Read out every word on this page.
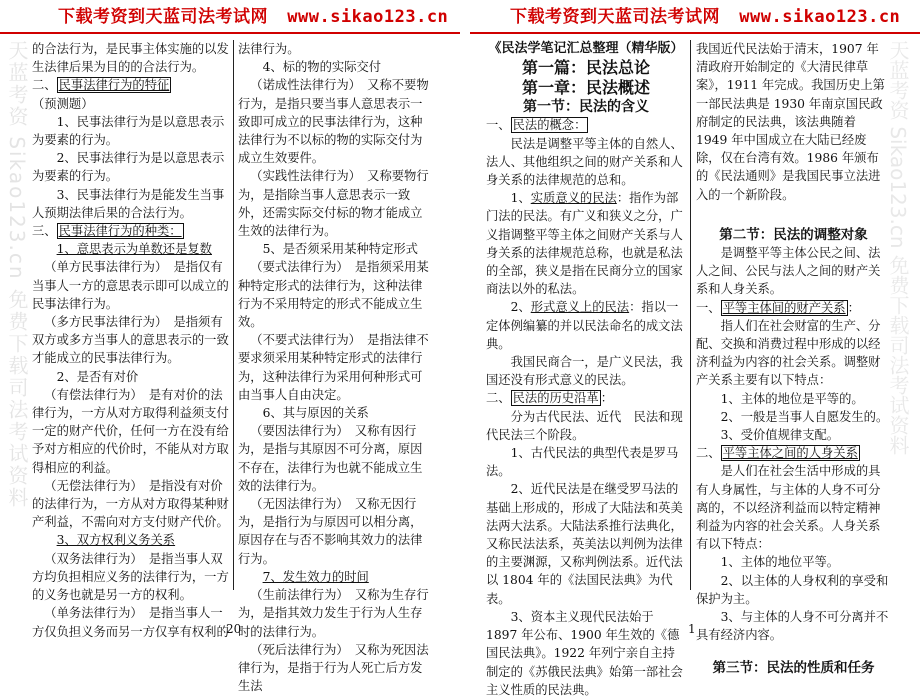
天蓝考资 Sikao123.cn 免费下载司法考试资料	天蓝考资 Sikao123.cn 免费下载司法考试资料
下载考资到天蓝司法考试网 www.sikao123.cn	下载考资到天蓝司法考试网 www.sikao123.cn

的合法行为，是民事主体实施的以发生法律后果为目的的合法行为。

二、 民事法律行为的特征（预测题）

1、民事法律行为是以意思表示为要素的行为。

2、民事法律行为是以意思表示为要素的行为。

3、民事法律行为是能发生当事人预期法律后果的合法行为。

三、 民事法律行为的种类：

1、意思表示为单数还是复数

（单方民事法律行为）　 是指仅有当事人一方的意思表示即可以成立的民事法律行为。

（多方民事法律行为）　 是指须有双方或多方当事人的意思表示的一致才能成立的民事法律行为。

2、是否有对价

（有偿法律行为）　 是有对价的法律行为，一方从对方取得利益须支付一定的财产代价，任何一方在没有给予对方相应的代价时，不能从对方取得相应的利益。

（无偿法律行为）　 是指没有对价的法律行为，一方从对方取得某种财产利益，不需向对方支付财产代价。

3、双方权利义务关系

（双务法律行为）　 是指当事人双方均负担相应义务的法律行为，一方的义务也就是另一方的权利。

（单务法律行为）　 是指当事人一方仅负担义务而另一方仅享有权利的

法律行为。

4、标的物的实际交付

（诺成性法律行为）　 又称不要物行为，是指只要当事人意思表示一致即可成立的民事法律行为，这种法律行为不以标的物的实际交付为成立生效要件。

（实践性法律行为）　 又称要物行为，是指除当事人意思表示一致外，还需实际交付标的物才能成立生效的法律行为。

5、是否须采用某种特定形式

（要式法律行为）　 是指须采用某种特定形式的法律行为，这种法律行为不采用特定的形式不能成立生效。

（不要式法律行为）　 是指法律不要求须采用某种特定形式的法律行为，这种法律行为采用何种形式可由当事人自由决定。

6、其与原因的关系

（要因法律行为）　 又称有因行为，是指与其原因不可分离，原因不存在，法律行为也就不能成立生效的法律行为。

（无因法律行为）　 又称无因行为，是指行为与原因可以相分离，原因存在与否不影响其效力的法律行为。

7、发生效力的时间

（生前法律行为）　 又称为生存行为，是指其效力发生于行为人生存时的法律行为。

（死后法律行为）　 又称为死因法律行为，是指于行为人死亡后方发生法

20

《民法学笔记汇总整理（精华版）

第一篇：民法总论

第一章：民法概述

第一节：民法的含义

一、 民法的概念：

民法是调整平等主体的自然人、法人、其他组织之间的财产关系和人身关系的法律规范的总和。

1、实质意义的民法：指作为部门法的民法。有广义和狭义之分，广义指调整平等主体之间财产关系与人身关系的法律规范总称，也就是私法的全部，狭义是指在民商分立的国家商法以外的私法。

2、形式意义上的民法：指以一定体例编纂的并以民法命名的成文法典。

我国民商合一，是广义民法，我国还没有形式意义的民法。

二、 民法的历史沿革 ：

分为古代民法、近代　民法和现代民法三个阶段。

1、古代民法的典型代表是罗马法。

2、近代民法是在继受罗马法的基础上形成的，形成了大陆法和英美法两大法系。大陆法系推行法典化，又称民法法系，英美法以判例为法律的主要渊源，又称判例法系。近代法以 1804 年的《法国民法典》为代表。

3、资本主义现代民法始于 1897 年公布、1900 年生效的《德国民法典》。1922 年列宁亲自主持制定的《苏俄民法典》始第一部社会主义性质的民法典。

我国近代民法始于清末，1907 年清政府开始制定的《大清民律草案》，1911 年完成。我国历史上第一部民法典是 1930 年南京国民政府制定的民法典，该法典随着 1949 年中国成立在大陆已经废除，仅在台湾有效。1986 年颁布的《民法通则》是我国民事立法进入的一个新阶段。

第二节：民法的调整对象

是调整平等主体公民之间、法人之间、公民与法人之间的财产关系和人身关系。

一、 平等主体间的财产关系 ：

指人们在社会财富的生产、分配、交换和消费过程中形成的以经济利益为内容的社会关系。调整财产关系主要有以下特点：

1、主体的地位是平等的。

2、一般是当事人自愿发生的。

3、受价值规律支配。

二、 平等主体之间的人身关系

是人们在社会生活中形成的具有人身属性，与主体的人身不可分离的，不以经济利益而以特定精神利益为内容的社会关系。人身关系有以下特点：

1、主体的地位平等。

2、以主体的人身权利的享受和保护为主。

3、与主体的人身不可分离并不具有经济内容。

第三节：民法的性质和任务

1
